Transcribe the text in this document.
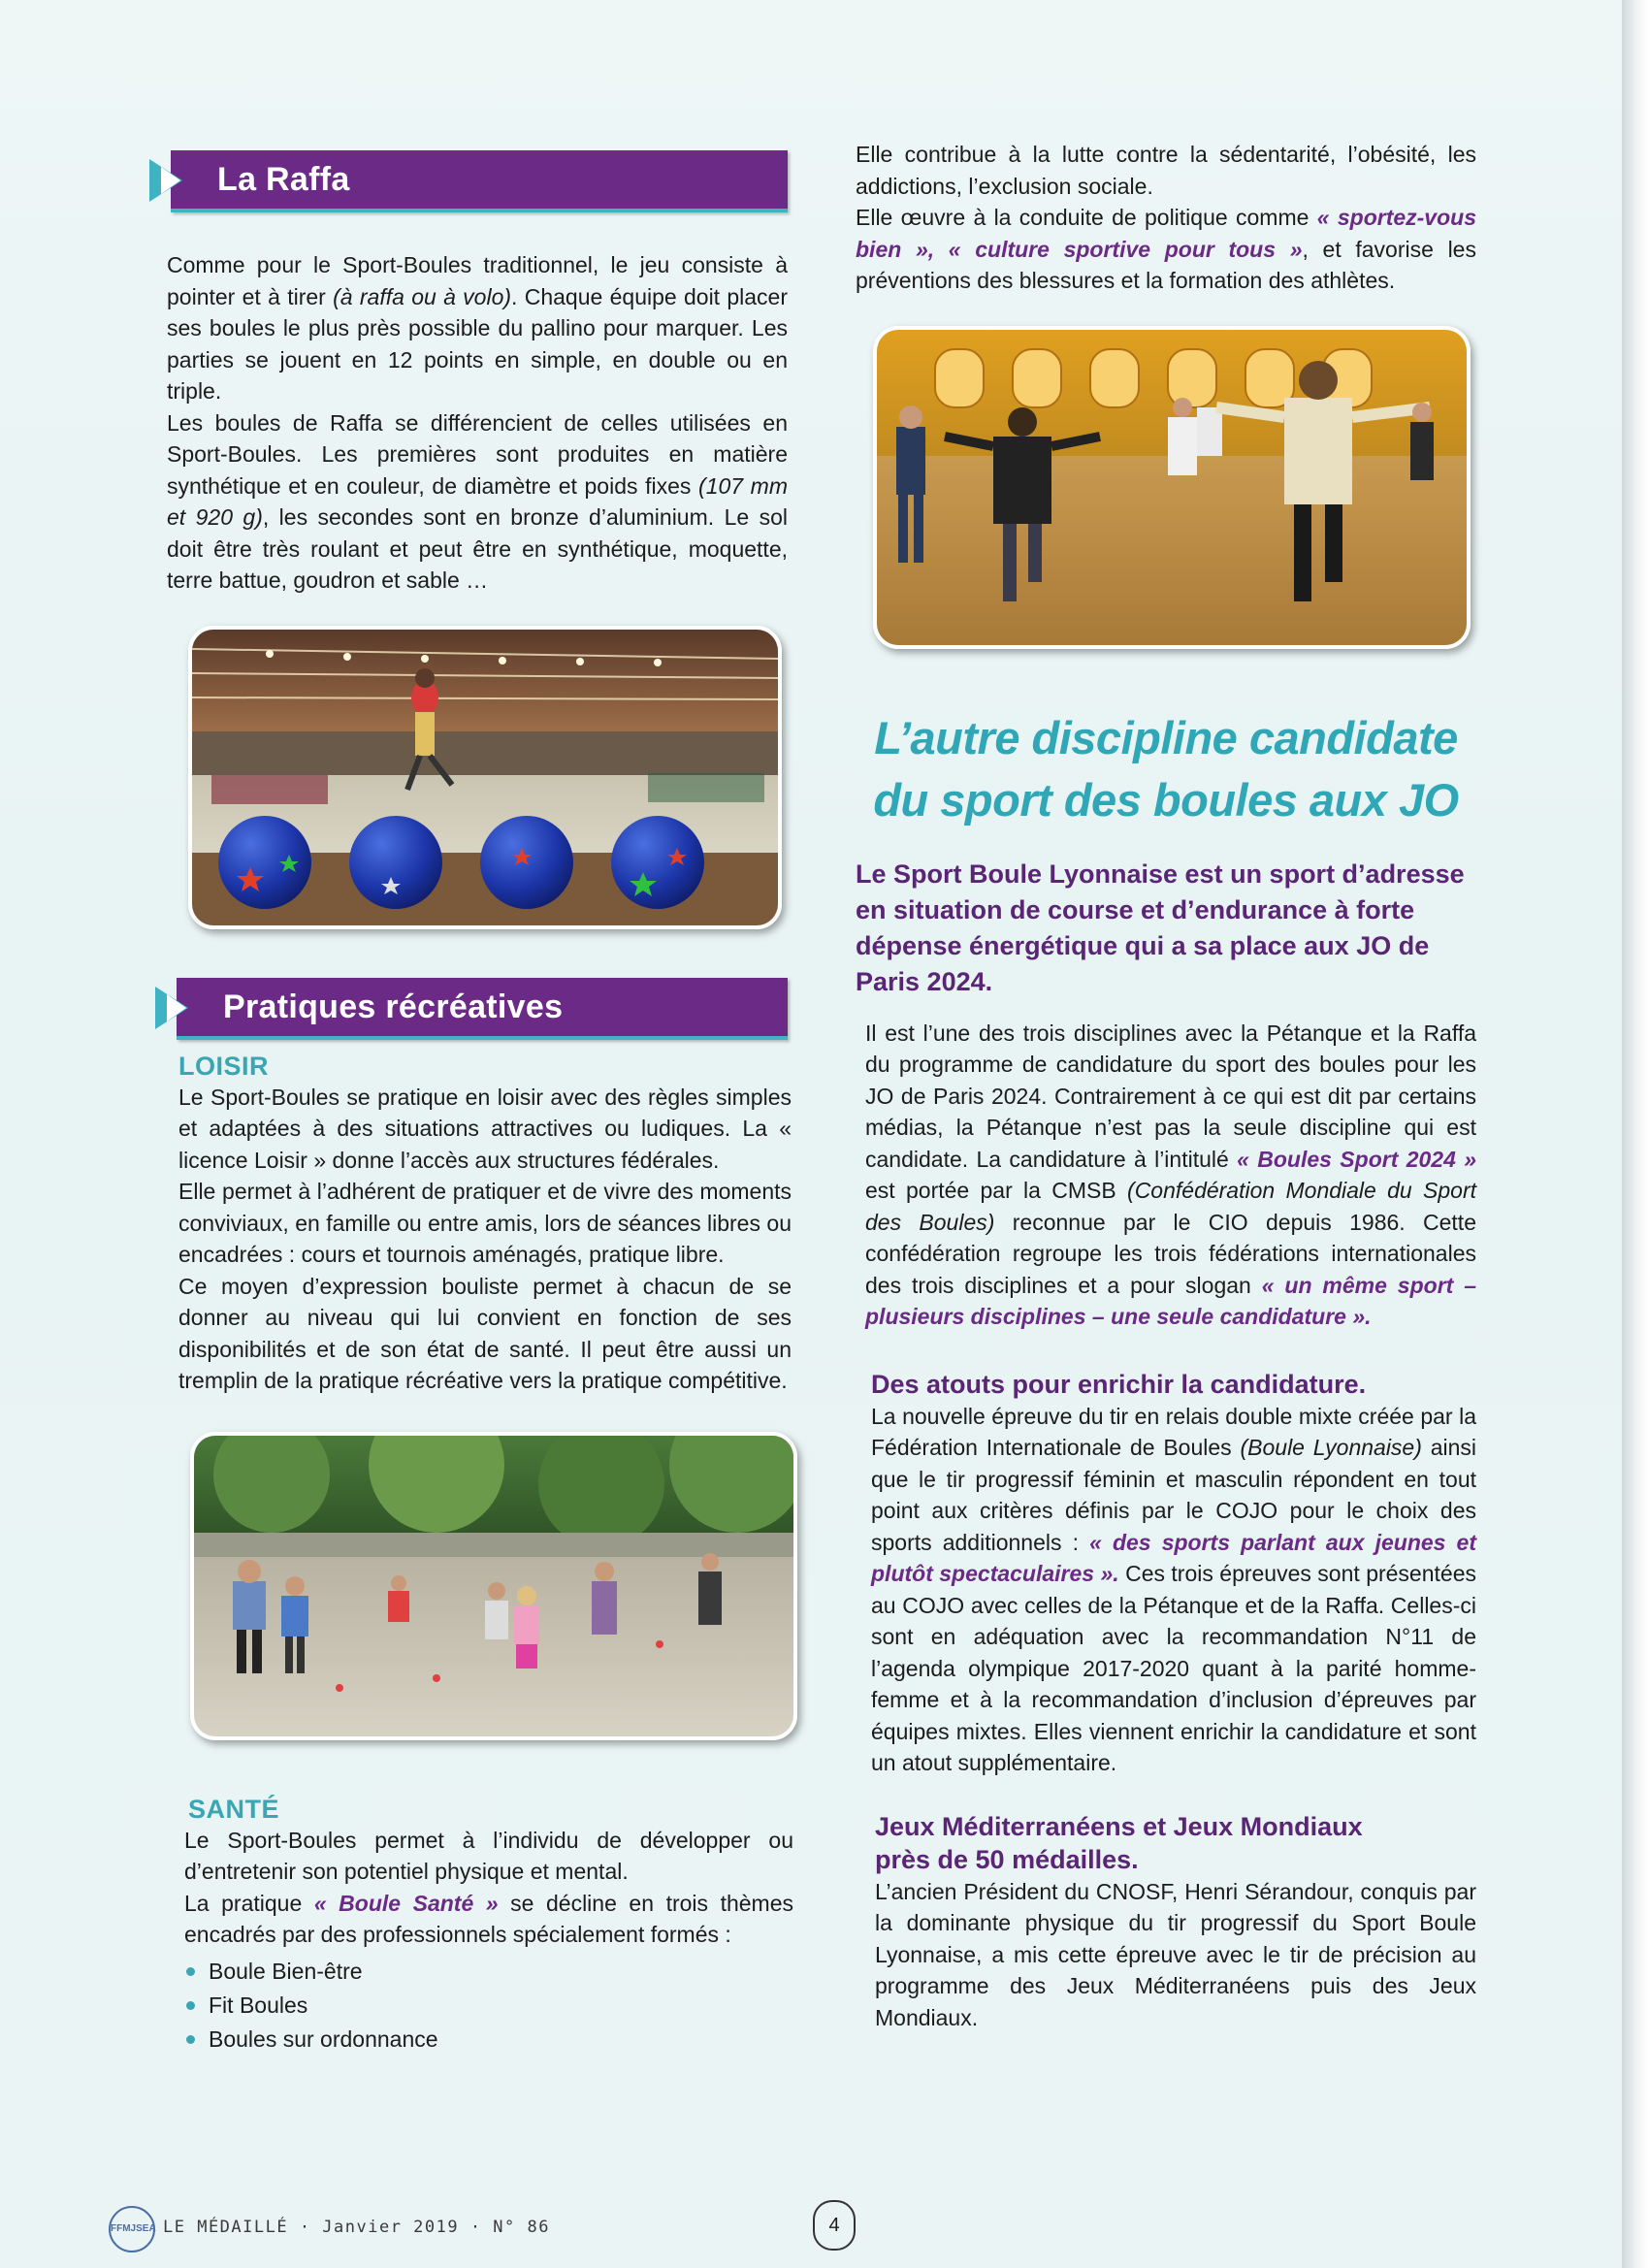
La Raffa

Comme pour le Sport-Boules traditionnel, le jeu consiste à pointer et à tirer (à raffa ou à volo). Chaque équipe doit placer ses boules le plus près possible du pallino pour marquer. Les parties se jouent en 12 points en simple, en double ou en triple.

Les boules de Raffa se différencient de celles utilisées en Sport-Boules. Les premières sont produites en matière synthétique et en couleur, de diamètre et poids fixes (107 mm et 920 g), les secondes sont en bronze d’aluminium. Le sol doit être très roulant et peut être en synthétique, moquette, terre battue, goudron et sable …

Pratiques récréatives
LOISIR

Le Sport-Boules se pratique en loisir avec des règles simples et adaptées à des situations attractives ou ludiques. La « licence Loisir » donne l’accès aux structures fédérales.

Elle permet à l’adhérent de pratiquer et de vivre des moments conviviaux, en famille ou entre amis, lors de séances libres ou encadrées : cours et tournois aménagés, pratique libre.

Ce moyen d’expression bouliste permet à chacun de se donner au niveau qui lui convient en fonction de ses disponibilités et de son état de santé. Il peut être aussi un tremplin de la pratique récréative vers la pratique compétitive.

SANTÉ

Le Sport-Boules permet à l’individu de développer ou d’entretenir son potentiel physique et mental.

La pratique « Boule Santé » se décline en trois thèmes encadrés par des professionnels spécialement formés :

Boule Bien-être
Fit Boules
Boules sur ordonnance

Elle contribue à la lutte contre la sédentarité, l’obésité, les addictions, l’exclusion sociale.

Elle œuvre à la conduite de politique comme « sportez-vous bien », « culture sportive pour tous », et favorise les préventions des blessures et la formation des athlètes.

L’autre discipline candidate
du sport des boules aux JO

Le Sport Boule Lyonnaise est un sport d’adresse en situation de course et d’endurance à forte dépense énergétique qui a sa place aux JO de Paris 2024.

Il est l’une des trois disciplines avec la Pétanque et la Raffa du programme de candidature du sport des boules pour les JO de Paris 2024. Contrairement à ce qui est dit par certains médias, la Pétanque n’est pas la seule discipline qui est candidate. La candidature à l’intitulé « Boules Sport 2024 » est portée par la CMSB (Confédération Mondiale du Sport des Boules) reconnue par le CIO depuis 1986. Cette confédération regroupe les trois fédérations internationales des trois disciplines et a pour slogan « un même sport – plusieurs disciplines – une seule candidature ».

Des atouts pour enrichir la candidature.

La nouvelle épreuve du tir en relais double mixte créée par la Fédération Internationale de Boules (Boule Lyonnaise) ainsi que le tir progressif féminin et masculin répondent en tout point aux critères définis par le COJO pour le choix des sports additionnels : « des sports parlant aux jeunes et plutôt spectaculaires ». Ces trois épreuves sont présentées au COJO avec celles de la Pétanque et de la Raffa. Celles-ci sont en adéquation avec la recommandation N°11 de l’agenda olympique 2017-2020 quant à la parité homme-femme et à la recommandation d’inclusion d’épreuves par équipes mixtes. Elles viennent enrichir la candidature et sont un atout supplémentaire.

Jeux Méditerranéens et Jeux Mondiaux
près de 50 médailles.

L’ancien Président du CNOSF, Henri Sérandour, conquis par la dominante physique du tir progressif du Sport Boule Lyonnaise, a mis cette épreuve avec le tir de précision au programme des Jeux Méditerranéens puis des Jeux Mondiaux.

FFMJSEA LE MÉDAILLÉ · Janvier 2019 · N° 86	4
